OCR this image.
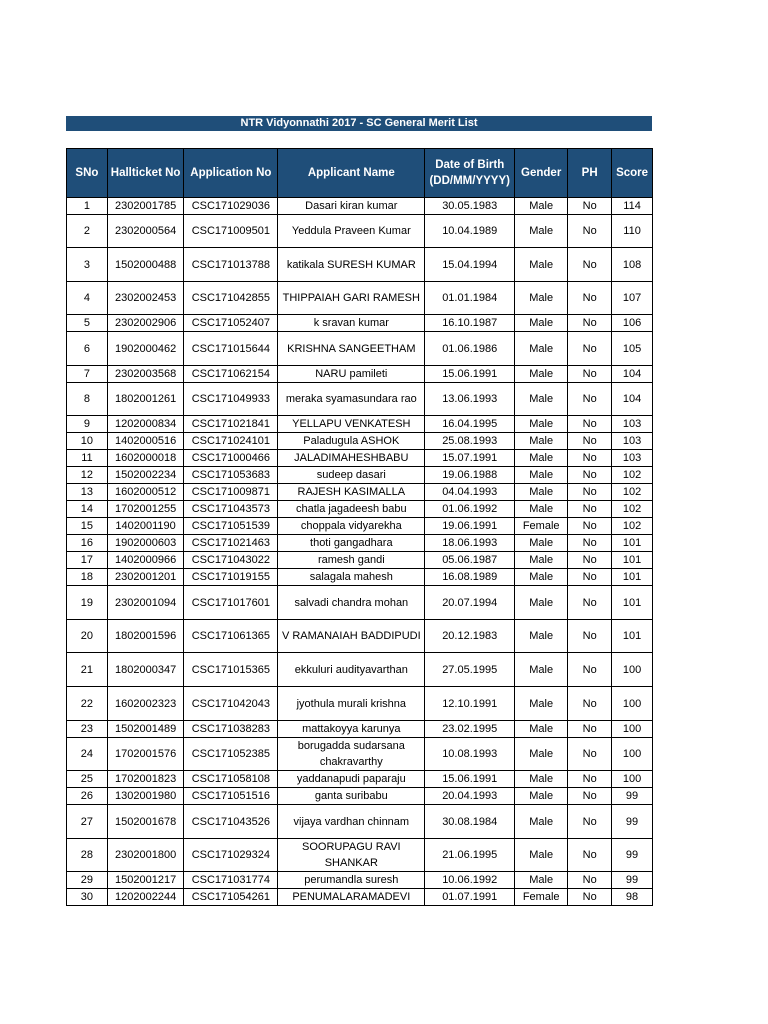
NTR Vidyonnathi 2017 - SC General Merit List
SNo	Hallticket No	Application No	Applicant Name	Date of Birth (DD/MM/YYYY)	Gender	PH	Score
1	2302001785	CSC171029036	Dasari kiran kumar	30.05.1983	Male	No	114
2	2302000564	CSC171009501	Yeddula Praveen Kumar	10.04.1989	Male	No	110
3	1502000488	CSC171013788	katikala SURESH KUMAR	15.04.1994	Male	No	108
4	2302002453	CSC171042855	THIPPAIAH GARI RAMESH	01.01.1984	Male	No	107
5	2302002906	CSC171052407	k sravan kumar	16.10.1987	Male	No	106
6	1902000462	CSC171015644	KRISHNA SANGEETHAM	01.06.1986	Male	No	105
7	2302003568	CSC171062154	NARU pamileti	15.06.1991	Male	No	104
8	1802001261	CSC171049933	meraka syamasundara rao	13.06.1993	Male	No	104
9	1202000834	CSC171021841	YELLAPU VENKATESH	16.04.1995	Male	No	103
10	1402000516	CSC171024101	Paladugula ASHOK	25.08.1993	Male	No	103
11	1602000018	CSC171000466	JALADIMAHESHBABU	15.07.1991	Male	No	103
12	1502002234	CSC171053683	sudeep dasari	19.06.1988	Male	No	102
13	1602000512	CSC171009871	RAJESH KASIMALLA	04.04.1993	Male	No	102
14	1702001255	CSC171043573	chatla jagadeesh babu	01.06.1992	Male	No	102
15	1402001190	CSC171051539	choppala vidyarekha	19.06.1991	Female	No	102
16	1902000603	CSC171021463	thoti gangadhara	18.06.1993	Male	No	101
17	1402000966	CSC171043022	ramesh gandi	05.06.1987	Male	No	101
18	2302001201	CSC171019155	salagala mahesh	16.08.1989	Male	No	101
19	2302001094	CSC171017601	salvadi chandra mohan	20.07.1994	Male	No	101
20	1802001596	CSC171061365	V RAMANAIAH BADDIPUDI	20.12.1983	Male	No	101
21	1802000347	CSC171015365	ekkuluri audityavarthan	27.05.1995	Male	No	100
22	1602002323	CSC171042043	jyothula murali krishna	12.10.1991	Male	No	100
23	1502001489	CSC171038283	mattakoyya karunya	23.02.1995	Male	No	100
24	1702001576	CSC171052385	borugadda sudarsana chakravarthy	10.08.1993	Male	No	100
25	1702001823	CSC171058108	yaddanapudi paparaju	15.06.1991	Male	No	100
26	1302001980	CSC171051516	ganta suribabu	20.04.1993	Male	No	99
27	1502001678	CSC171043526	vijaya vardhan chinnam	30.08.1984	Male	No	99
28	2302001800	CSC171029324	SOORUPAGU RAVI SHANKAR	21.06.1995	Male	No	99
29	1502001217	CSC171031774	perumandla suresh	10.06.1992	Male	No	99
30	1202002244	CSC171054261	PENUMALARAMADEVI	01.07.1991	Female	No	98
